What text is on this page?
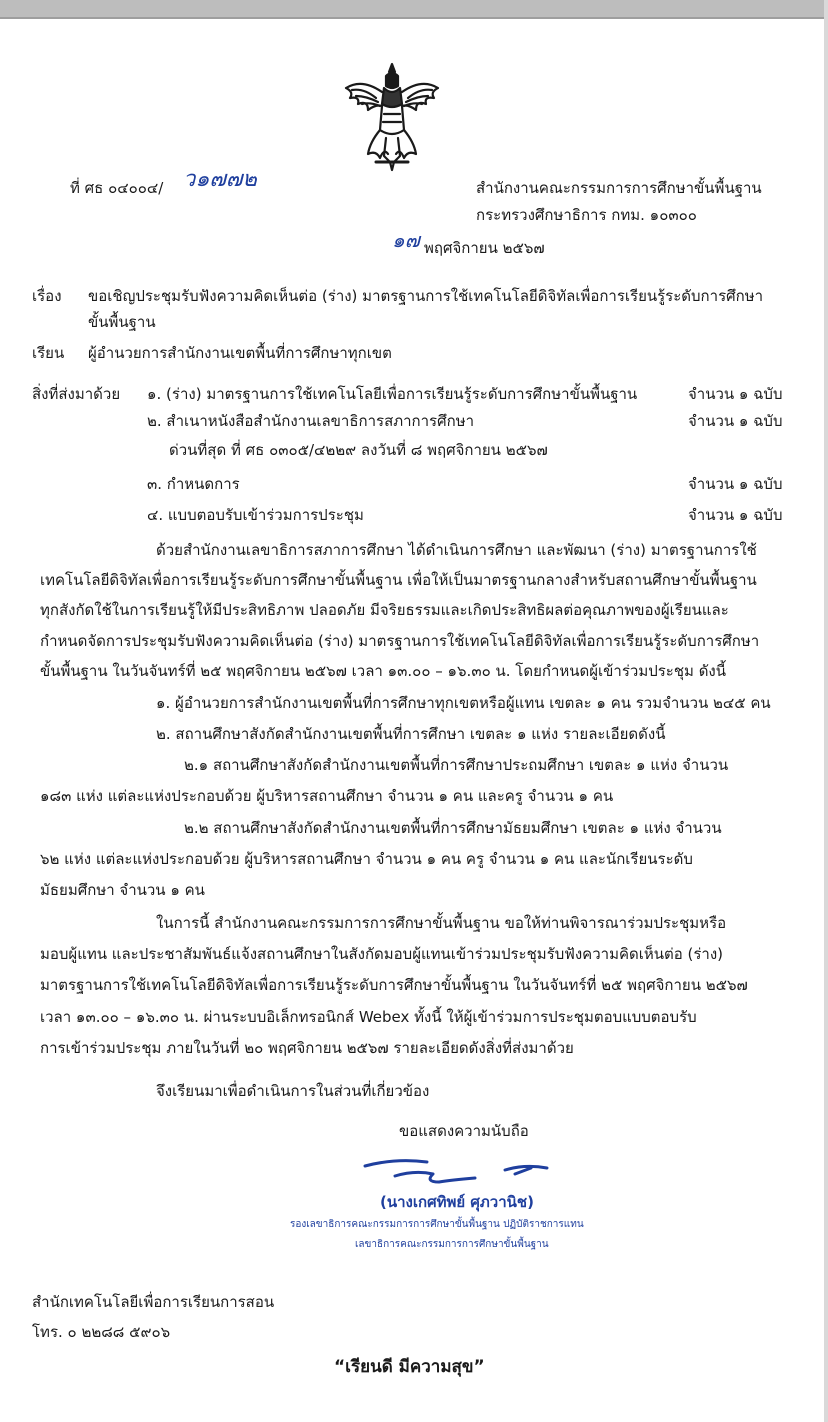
ที่ ศธ ๐๔๐๐๔/ ว๑๗๗๒	สำนักงานคณะกรรมการการศึกษาขั้นพื้นฐาน
กระทรวงศึกษาธิการ กทม. ๑๐๓๐๐
๑๗ พฤศจิกายน ๒๕๖๗
เรื่อง ขอเชิญประชุมรับฟังความคิดเห็นต่อ (ร่าง) มาตรฐานการใช้เทคโนโลยีดิจิทัลเพื่อการเรียนรู้ระดับการศึกษา
ขั้นพื้นฐาน
เรียน ผู้อำนวยการสำนักงานเขตพื้นที่การศึกษาทุกเขต
สิ่งที่ส่งมาด้วย ๑. (ร่าง) มาตรฐานการใช้เทคโนโลยีเพื่อการเรียนรู้ระดับการศึกษาขั้นพื้นฐาน	จำนวน ๑ ฉบับ
๒. สำเนาหนังสือสำนักงานเลขาธิการสภาการศึกษา	จำนวน ๑ ฉบับ
ด่วนที่สุด ที่ ศธ ๐๓๐๕/๔๒๒๙ ลงวันที่ ๘ พฤศจิกายน ๒๕๖๗
๓. กำหนดการ	จำนวน ๑ ฉบับ
๔. แบบตอบรับเข้าร่วมการประชุม	จำนวน ๑ ฉบับ
ด้วยสำนักงานเลขาธิการสภาการศึกษา ได้ดำเนินการศึกษา และพัฒนา (ร่าง) มาตรฐานการใช้
เทคโนโลยีดิจิทัลเพื่อการเรียนรู้ระดับการศึกษาขั้นพื้นฐาน เพื่อให้เป็นมาตรฐานกลางสำหรับสถานศึกษาขั้นพื้นฐาน
ทุกสังกัดใช้ในการเรียนรู้ให้มีประสิทธิภาพ ปลอดภัย มีจริยธรรมและเกิดประสิทธิผลต่อคุณภาพของผู้เรียนและ
กำหนดจัดการประชุมรับฟังความคิดเห็นต่อ (ร่าง) มาตรฐานการใช้เทคโนโลยีดิจิทัลเพื่อการเรียนรู้ระดับการศึกษา
ขั้นพื้นฐาน ในวันจันทร์ที่ ๒๕ พฤศจิกายน ๒๕๖๗ เวลา ๑๓.๐๐ – ๑๖.๓๐ น. โดยกำหนดผู้เข้าร่วมประชุม ดังนี้
๑. ผู้อำนวยการสำนักงานเขตพื้นที่การศึกษาทุกเขตหรือผู้แทน เขตละ ๑ คน รวมจำนวน ๒๔๕ คน
๒. สถานศึกษาสังกัดสำนักงานเขตพื้นที่การศึกษา เขตละ ๑ แห่ง รายละเอียดดังนี้
๒.๑ สถานศึกษาสังกัดสำนักงานเขตพื้นที่การศึกษาประถมศึกษา เขตละ ๑ แห่ง จำนวน
๑๘๓ แห่ง แต่ละแห่งประกอบด้วย ผู้บริหารสถานศึกษา จำนวน ๑ คน และครู จำนวน ๑ คน
๒.๒ สถานศึกษาสังกัดสำนักงานเขตพื้นที่การศึกษามัธยมศึกษา เขตละ ๑ แห่ง จำนวน
๖๒ แห่ง แต่ละแห่งประกอบด้วย ผู้บริหารสถานศึกษา จำนวน ๑ คน ครู จำนวน ๑ คน และนักเรียนระดับ
มัธยมศึกษา จำนวน ๑ คน
ในการนี้ สำนักงานคณะกรรมการการศึกษาขั้นพื้นฐาน ขอให้ท่านพิจารณาร่วมประชุมหรือ
มอบผู้แทน และประชาสัมพันธ์แจ้งสถานศึกษาในสังกัดมอบผู้แทนเข้าร่วมประชุมรับฟังความคิดเห็นต่อ (ร่าง)
มาตรฐานการใช้เทคโนโลยีดิจิทัลเพื่อการเรียนรู้ระดับการศึกษาขั้นพื้นฐาน ในวันจันทร์ที่ ๒๕ พฤศจิกายน ๒๕๖๗
เวลา ๑๓.๐๐ – ๑๖.๓๐ น. ผ่านระบบอิเล็กทรอนิกส์ Webex ทั้งนี้ ให้ผู้เข้าร่วมการประชุมตอบแบบตอบรับ
การเข้าร่วมประชุม ภายในวันที่ ๒๐ พฤศจิกายน ๒๕๖๗ รายละเอียดดังสิ่งที่ส่งมาด้วย
จึงเรียนมาเพื่อดำเนินการในส่วนที่เกี่ยวข้อง
ขอแสดงความนับถือ
(นางเกศทิพย์ ศุภวานิช)
รองเลขาธิการคณะกรรมการการศึกษาขั้นพื้นฐาน ปฏิบัติราชการแทน
เลขาธิการคณะกรรมการการศึกษาขั้นพื้นฐาน
สำนักเทคโนโลยีเพื่อการเรียนการสอน
โทร. ๐ ๒๒๘๘ ๕๙๐๖
“เรียนดี มีความสุข”
